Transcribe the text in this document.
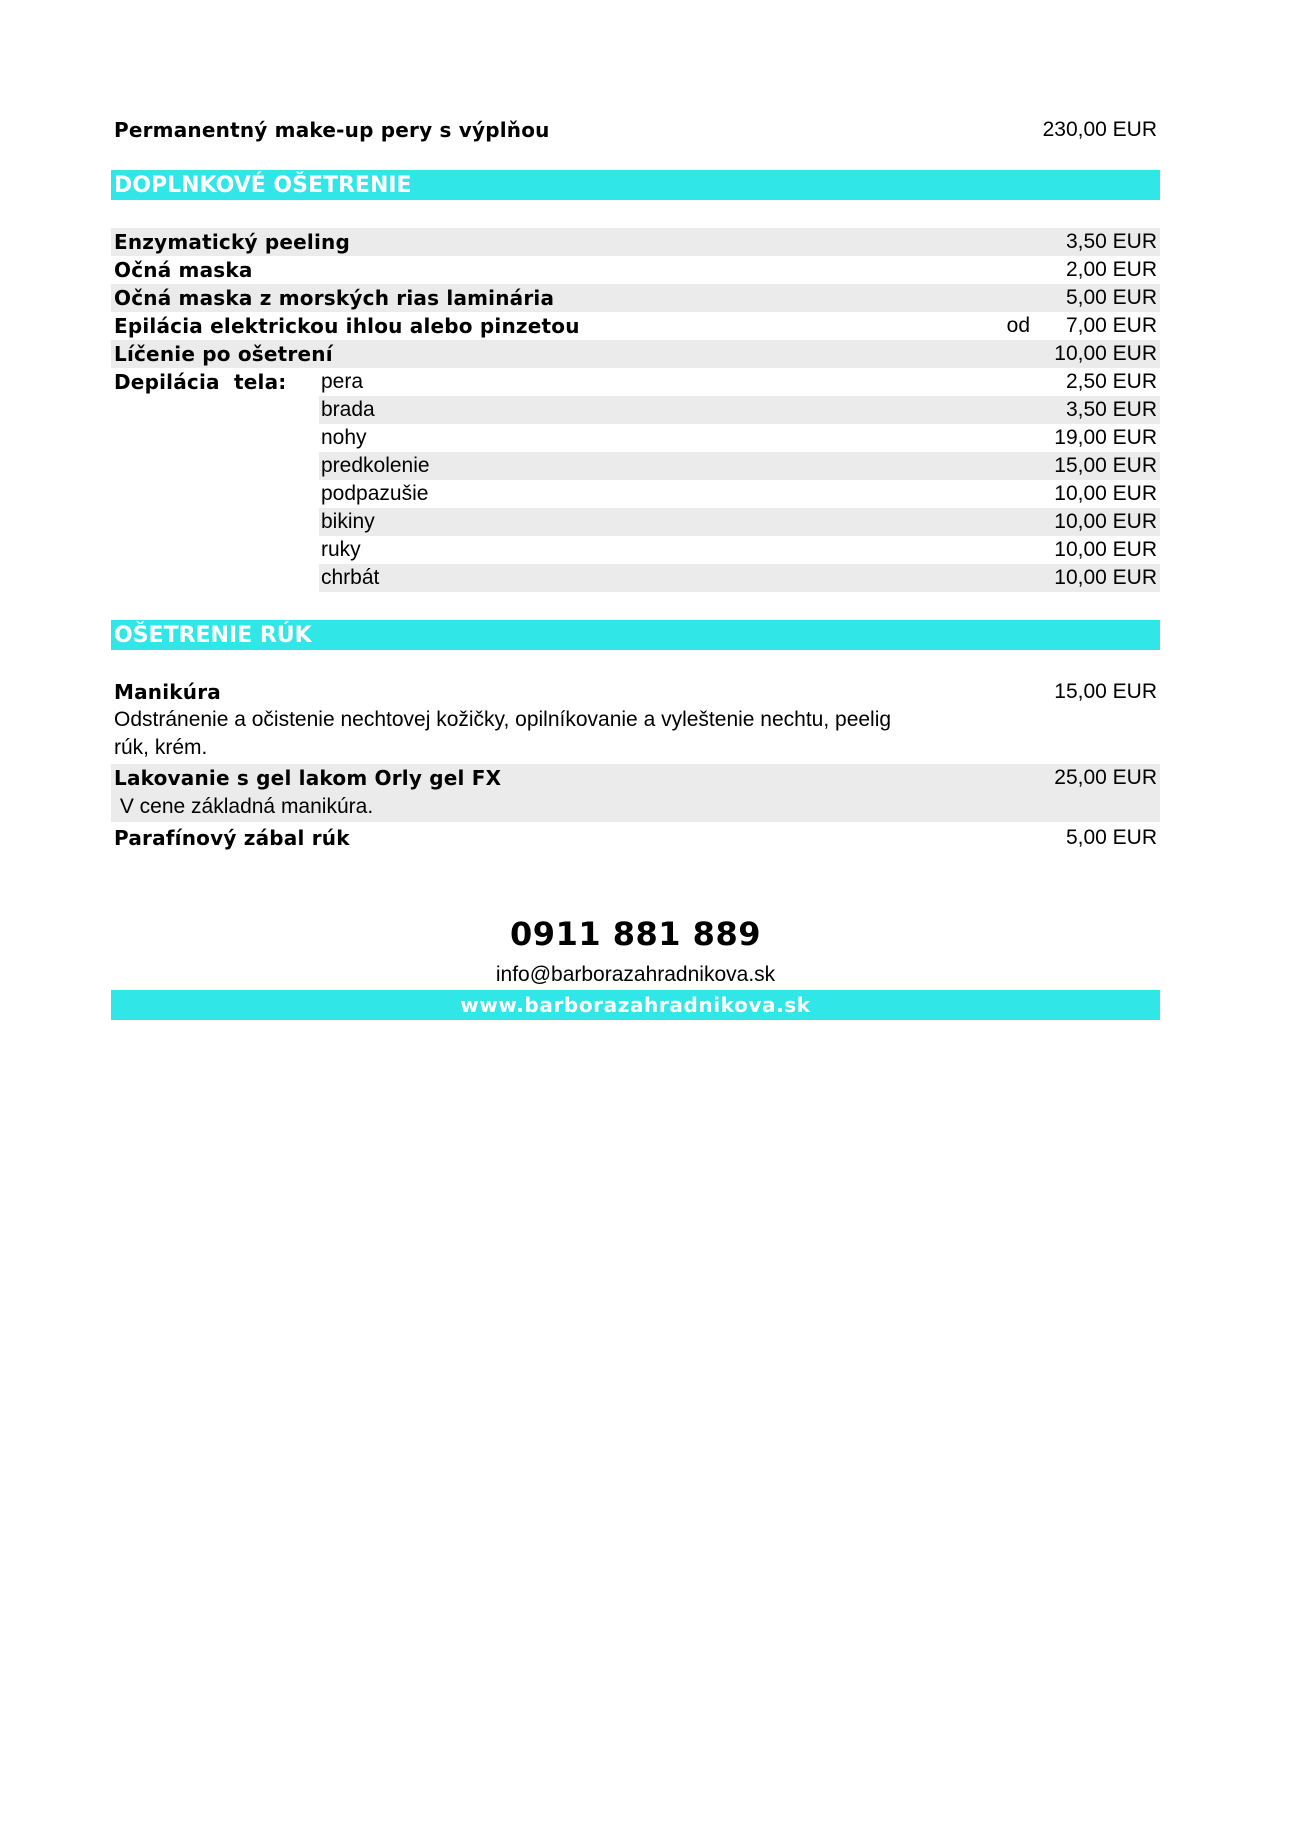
Permanentný make-up pery s výplňou	230,00 EUR
DOPLNKOVÉ OŠETRENIE
Enzymatický peeling	3,50 EUR
Očná maska	2,00 EUR
Očná maska z morských rias laminária	5,00 EUR
Epilácia elektrickou ihlou alebo pinzetou	od 7,00 EUR
Líčenie po ošetrení	10,00 EUR
Depilácia  tela: pera	2,50 EUR
brada	3,50 EUR
nohy	19,00 EUR
predkolenie	15,00 EUR
podpazušie	10,00 EUR
bikiny	10,00 EUR
ruky	10,00 EUR
chrbát	10,00 EUR
OŠETRENIE RÚK
Manikúra	15,00 EUR
Odstránenie a očistenie nechtovej kožičky, opilníkovanie a vyleštenie nechtu, peelig rúk, krém.
Lakovanie s gel lakom Orly gel FX	25,00 EUR
V cene základná manikúra.
Parafínový zábal rúk	5,00 EUR
0911 881 889
info@barborazahradnikova.sk
www.barborazahradnikova.sk
